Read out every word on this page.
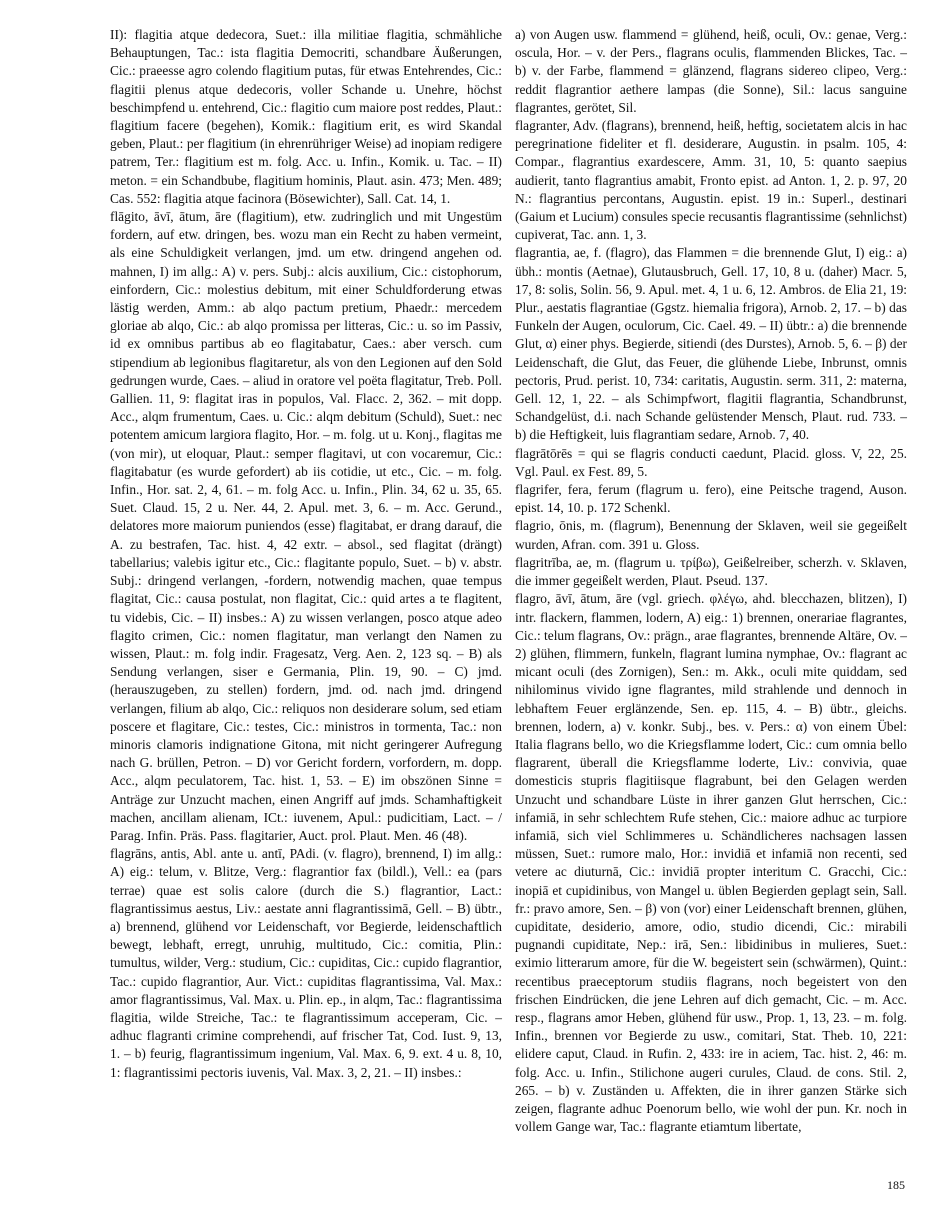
II): flagitia atque dedecora, Suet.: illa militiae flagitia, schmähliche Behauptungen, Tac.: ista flagitia Democriti, schandbare Äußerungen, Cic.: praeesse agro colendo flagitium putas, für etwas Entehrendes, Cic.: flagitii plenus atque dedecoris, voller Schande u. Unehre, höchst beschimpfend u. entehrend, Cic.: flagitio cum maiore post reddes, Plaut.: flagitium facere (begehen), Komik.: flagitium erit, es wird Skandal geben, Plaut.: per flagitium (in ehrenrühriger Weise) ad inopiam redigere patrem, Ter.: flagitium est m. folg. Acc. u. Infin., Komik. u. Tac. – II) meton. = ein Schandbube, flagitium hominis, Plaut. asin. 473; Men. 489; Cas. 552: flagitia atque facinora (Bösewichter), Sall. Cat. 14, 1.

flāgito, āvī, ātum, āre (flagitium), etw. zudringlich und mit Ungestüm fordern, auf etw. dringen, bes. wozu man ein Recht zu haben vermeint, als eine Schuldigkeit verlangen, jmd. um etw. dringend angehen od. mahnen, I) im allg.: A) v. pers. Subj.: alcis auxilium, Cic.: cistophorum, einfordern, Cic.: molestius debitum, mit einer Schuldforderung etwas lästig werden, Amm.: ab alqo pactum pretium, Phaedr.: mercedem gloriae ab alqo, Cic.: ab alqo promissa per litteras, Cic.: u. so im Passiv, id ex omnibus partibus ab eo flagitabatur, Caes.: aber versch. cum stipendium ab legionibus flagitaretur, als von den Legionen auf den Sold gedrungen wurde, Caes. – aliud in oratore vel poëta flagitatur, Treb. Poll. Gallien. 11, 9: flagitat iras in populos, Val. Flacc. 2, 362. – mit dopp. Acc., alqm frumentum, Caes. u. Cic.: alqm debitum (Schuld), Suet.: nec potentem amicum largiora flagito, Hor. – m. folg. ut u. Konj., flagitas me (von mir), ut eloquar, Plaut.: semper flagitavi, ut con vocaremur, Cic.: flagitabatur (es wurde gefordert) ab iis cotidie, ut etc., Cic. – m. folg. Infin., Hor. sat. 2, 4, 61. – m. folg Acc. u. Infin., Plin. 34, 62 u. 35, 65. Suet. Claud. 15, 2 u. Ner. 44, 2. Apul. met. 3, 6. – m. Acc. Gerund., delatores more maiorum puniendos (esse) flagitabat, er drang darauf, die A. zu bestrafen, Tac. hist. 4, 42 extr. – absol., sed flagitat (drängt) tabellarius; valebis igitur etc., Cic.: flagitante populo, Suet. – b) v. abstr. Subj.: dringend verlangen, -fordern, notwendig machen, quae tempus flagitat, Cic.: causa postulat, non flagitat, Cic.: quid artes a te flagitent, tu videbis, Cic. – II) insbes.: A) zu wissen verlangen, posco atque adeo flagito crimen, Cic.: nomen flagitatur, man verlangt den Namen zu wissen, Plaut.: m. folg indir. Fragesatz, Verg. Aen. 2, 123 sq. – B) als Sendung verlangen, siser e Germania, Plin. 19, 90. – C) jmd. (herauszugeben, zu stellen) fordern, jmd. od. nach jmd. dringend verlangen, filium ab alqo, Cic.: reliquos non desiderare solum, sed etiam poscere et flagitare, Cic.: testes, Cic.: ministros in tormenta, Tac.: non minoris clamoris indignatione Gitona, mit nicht geringerer Aufregung nach G. brüllen, Petron. – D) vor Gericht fordern, vorfordern, m. dopp. Acc., alqm peculatorem, Tac. hist. 1, 53. – E) im obszönen Sinne = Anträge zur Unzucht machen, einen Angriff auf jmds. Schamhaftigkeit machen, ancillam alienam, ICt.: iuvenem, Apul.: pudicitiam, Lact. – / Parag. Infin. Präs. Pass. flagitarier, Auct. prol. Plaut. Men. 46 (48).

flagrāns, antis, Abl. ante u. antī, PAdi. (v. flagro), brennend, I) im allg.: A) eig.: telum, v. Blitze, Verg.: flagrantior fax (bildl.), Vell.: ea (pars terrae) quae est solis calore (durch die S.) flagrantior, Lact.: flagrantissimus aestus, Liv.: aestate anni flagrantissimā, Gell. – B) übtr., a) brennend, glühend vor Leidenschaft, vor Begierde, leidenschaftlich bewegt, lebhaft, erregt, unruhig, multitudo, Cic.: comitia, Plin.: tumultus, wilder, Verg.: studium, Cic.: cupiditas, Cic.: cupido flagrantior, Tac.: cupido flagrantior, Aur. Vict.: cupiditas flagrantissima, Val. Max.: amor flagrantissimus, Val. Max. u. Plin. ep., in alqm, Tac.: flagrantissima flagitia, wilde Streiche, Tac.: te flagrantissimum acceperam, Cic. – adhuc flagranti crimine comprehendi, auf frischer Tat, Cod. Iust. 9, 13, 1. – b) feurig, flagrantissimum ingenium, Val. Max. 6, 9. ext. 4 u. 8, 10, 1: flagrantissimi pectoris iuvenis, Val. Max. 3, 2, 21. – II) insbes.:

a) von Augen usw. flammend = glühend, heiß, oculi, Ov.: genae, Verg.: oscula, Hor. – v. der Pers., flagrans oculis, flammenden Blickes, Tac. – b) v. der Farbe, flammend = glänzend, flagrans sidereo clipeo, Verg.: reddit flagrantior aethere lampas (die Sonne), Sil.: lacus sanguine flagrantes, gerötet, Sil.

flagranter, Adv. (flagrans), brennend, heiß, heftig, societatem alcis in hac peregrinatione fideliter et fl. desiderare, Augustin. in psalm. 105, 4: Compar., flagrantius exardescere, Amm. 31, 10, 5: quanto saepius audierit, tanto flagrantius amabit, Fronto epist. ad Anton. 1, 2. p. 97, 20 N.: flagrantius percontans, Augustin. epist. 19 in.: Superl., destinari (Gaium et Lucium) consules specie recusantis flagrantissime (sehnlichst) cupiverat, Tac. ann. 1, 3.

flagrantia, ae, f. (flagro), das Flammen = die brennende Glut, I) eig.: a) übh.: montis (Aetnae), Glutausbruch, Gell. 17, 10, 8 u. (daher) Macr. 5, 17, 8: solis, Solin. 56, 9. Apul. met. 4, 1 u. 6, 12. Ambros. de Elia 21, 19: Plur., aestatis flagrantiae (Ggstz. hiemalia frigora), Arnob. 2, 17. – b) das Funkeln der Augen, oculorum, Cic. Cael. 49. – II) übtr.: a) die brennende Glut, α) einer phys. Begierde, sitiendi (des Durstes), Arnob. 5, 6. – β) der Leidenschaft, die Glut, das Feuer, die glühende Liebe, Inbrunst, omnis pectoris, Prud. perist. 10, 734: caritatis, Augustin. serm. 311, 2: materna, Gell. 12, 1, 22. – als Schimpfwort, flagitii flagrantia, Schandbrunst, Schandgelüst, d.i. nach Schande gelüstender Mensch, Plaut. rud. 733. – b) die Heftigkeit, luis flagrantiam sedare, Arnob. 7, 40.

flagrātōrēs = qui se flagris conducti caedunt, Placid. gloss. V, 22, 25. Vgl. Paul. ex Fest. 89, 5.

flagrifer, fera, ferum (flagrum u. fero), eine Peitsche tragend, Auson. epist. 14, 10. p. 172 Schenkl.

flagrio, ōnis, m. (flagrum), Benennung der Sklaven, weil sie gegeißelt wurden, Afran. com. 391 u. Gloss.

flagritrība, ae, m. (flagrum u. τρίβω), Geißelreiber, scherzh. v. Sklaven, die immer gegeißelt werden, Plaut. Pseud. 137.

flagro, āvī, ātum, āre (vgl. griech. φλέγω, ahd. blecchazen, blitzen), I) intr. flackern, flammen, lodern, A) eig.: 1) brennen, onerariae flagrantes, Cic.: telum flagrans, Ov.: prägn., arae flagrantes, brennende Altäre, Ov. – 2) glühen, flimmern, funkeln, flagrant lumina nymphae, Ov.: flagrant ac micant oculi (des Zornigen), Sen.: m. Akk., oculi mite quiddam, sed nihilominus vivido igne flagrantes, mild strahlende und dennoch in lebhaftem Feuer erglänzende, Sen. ep. 115, 4. – B) übtr., gleichs. brennen, lodern, a) v. konkr. Subj., bes. v. Pers.: α) von einem Übel: Italia flagrans bello, wo die Kriegsflamme lodert, Cic.: cum omnia bello flagrarent, überall die Kriegsflamme loderte, Liv.: convivia, quae domesticis stupris flagitiisque flagrabunt, bei den Gelagen werden Unzucht und schandbare Lüste in ihrer ganzen Glut herrschen, Cic.: infamiā, in sehr schlechtem Rufe stehen, Cic.: maiore adhuc ac turpiore infamiā, sich viel Schlimmeres u. Schändlicheres nachsagen lassen müssen, Suet.: rumore malo, Hor.: invidiā et infamiā non recenti, sed vetere ac diuturnā, Cic.: invidiā propter interitum C. Gracchi, Cic.: inopiā et cupidinibus, von Mangel u. üblen Begierden geplagt sein, Sall. fr.: pravo amore, Sen. – β) von (vor) einer Leidenschaft brennen, glühen, cupiditate, desiderio, amore, odio, studio dicendi, Cic.: mirabili pugnandi cupiditate, Nep.: irā, Sen.: libidinibus in mulieres, Suet.: eximio litterarum amore, für die W. begeistert sein (schwärmen), Quint.: recentibus praeceptorum studiis flagrans, noch begeistert von den frischen Eindrücken, die jene Lehren auf dich gemacht, Cic. – m. Acc. resp., flagrans amor Heben, glühend für usw., Prop. 1, 13, 23. – m. folg. Infin., brennen vor Begierde zu usw., comitari, Stat. Theb. 10, 221: elidere caput, Claud. in Rufin. 2, 433: ire in aciem, Tac. hist. 2, 46: m. folg. Acc. u. Infin., Stilichone augeri curules, Claud. de cons. Stil. 2, 265. – b) v. Zuständen u. Affekten, die in ihrer ganzen Stärke sich zeigen, flagrante adhuc Poenorum bello, wie wohl der pun. Kr. noch in vollem Gange war, Tac.: flagrante etiamtum libertate,

185
